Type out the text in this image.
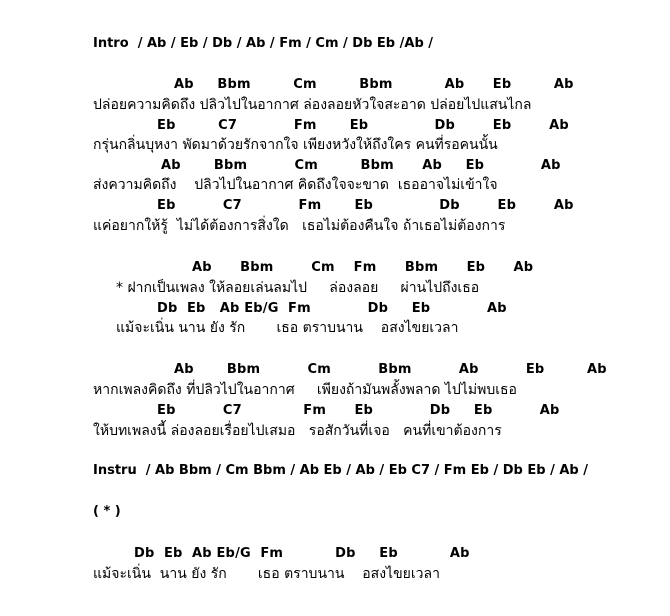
Intro  / Ab / Eb / Db / Ab / Fm / Cm / Db Eb /Ab /
Ab     Bbm         Cm         Bbm           Ab      Eb         Ab
ปล่อยความคิดถึง ปลิวไปในอากาศ ล่องลอยหัวใจสะอาด ปล่อยไปแสนไกล
Eb         C7            Fm       Eb              Db        Eb        Ab
กรุ่นกลิ่นบุหงา พัดมาด้วยรักจากใจ เพียงหวังให้ถึงใคร คนที่รอคนนั้น
Ab       Bbm          Cm         Bbm      Ab     Eb            Ab
ส่งความคิดถึง    ปลิวไปในอากาศ คิดถึงใจจะขาด  เธออาจไม่เข้าใจ
Eb          C7            Fm       Eb              Db        Eb        Ab
แค่อยากให้รู้  ไม่ได้ต้องการสิ่งใด   เธอไม่ต้องคืนใจ ถ้าเธอไม่ต้องการ
Ab      Bbm        Cm    Fm      Bbm      Eb      Ab
* ฝากเป็นเพลง ให้ลอยเล่นลมไป     ล่องลอย     ผ่านไปถึงเธอ
Db  Eb   Ab Eb/G  Fm            Db     Eb            Ab
แม้จะเนิ่น นาน ยัง รัก       เธอ ตราบนาน    อสงไขยเวลา
Ab       Bbm          Cm          Bbm          Ab          Eb         Ab
หากเพลงคิดถึง ที่ปลิวไปในอากาศ     เพียงถ้ามันพลั้งพลาด ไปไม่พบเธอ
Eb          C7             Fm      Eb            Db     Eb          Ab
ให้บทเพลงนี้ ล่องลอยเรื่อยไปเสมอ   รอสักวันที่เจอ   คนที่เขาต้องการ
Instru  / Ab Bbm / Cm Bbm / Ab Eb / Ab / Eb C7 / Fm Eb / Db Eb / Ab /
( * )
Db  Eb  Ab Eb/G  Fm           Db     Eb           Ab
แม้จะเนิ่น  นาน ยัง รัก       เธอ ตราบนาน    อสงไขยเวลา
